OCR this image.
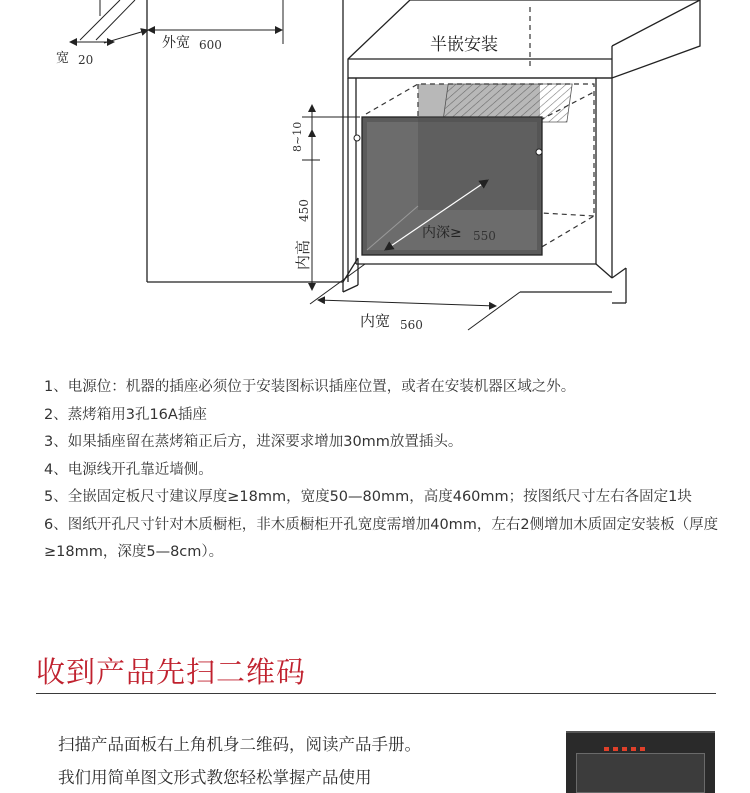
宽 20
外宽 600	半嵌安装
内深≥ 550
8~10
450
内高
内宽 560
1、电源位：机器的插座必须位于安装图标识插座位置，或者在安装机器区域之外。
2、蒸烤箱用3孔16A插座
3、如果插座留在蒸烤箱正后方，进深要求增加30mm放置插头。
4、电源线开孔靠近墙侧。
5、全嵌固定板尺寸建议厚度≥18mm，宽度50—80mm，高度460mm；按图纸尺寸左右各固定1块
6、图纸开孔尺寸针对木质橱柜，非木质橱柜开孔宽度需增加40mm，左右2侧增加木质固定安装板（厚度≥18mm，深度5—8cm）。
收到产品先扫二维码

扫描产品面板右上角机身二维码，阅读产品手册。

我们用简单图文形式教您轻松掌握产品使用
